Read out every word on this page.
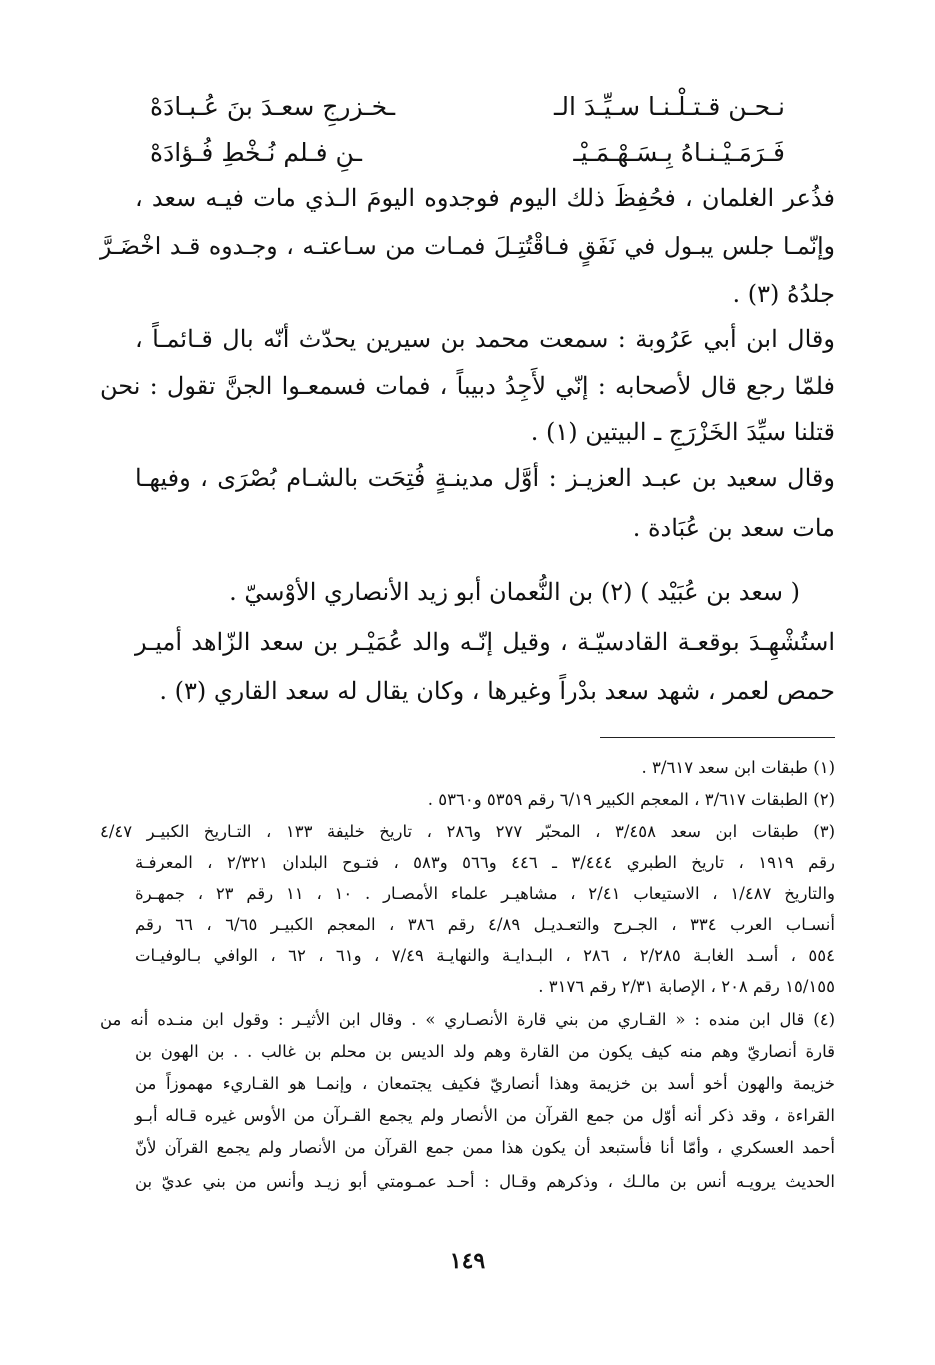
نـحـن قـتـلْـنـا سـيِّـدَ الـ
ـخـزرجِ سعـدَ بنَ عُـبـادَهْ
فَـرَمَـيْـنـاهُ بِـسَـهْـمَـيْـ
ـنِ فـلم نُـخْطِ فُـؤادَهْ
فذُعر الغلمان ، فحُفِظَ ذلك اليوم فوجدوه اليومَ الـذي مات فيـه سعد ،
وإنّمـا جلس يبـول في نَفَقٍ فـاقْتُتِـلَ فمـات من سـاعتـه ، وجـدوه قـد اخْضَـرَّ
جلدُهُ (٣) .
وقال ابن أبي عَرُوبة : سمعت محمد بن سيرين يحدّث أنّه بال قـائمـاً ،
فلمّا رجع قال لأصحابه : إنّي لأَجِدُ دبيباً ، فمات فسمعـوا الجنَّ تقول : نحن
قتلنا سيِّدَ الخَزْرَجِ ـ البيتين (١) .
وقال سعيد بن عبـد العزيـز : أوَّل مدينـةٍ فُتِحَت بالشـام بُصْرَى ، وفيهـا
مات سعد بن عُبَادة .
( سعد بن عُبَيْد ) (٢) بن النُّعمان أبو زيد الأنصاري الأوْسيّ .
استُشْهِـدَ بوقعـة القادسيّـة ، وقيل إنّـه والد عُمَيْـر بن سعد الزّاهد أميـر
حمص لعمر ، شهد سعد بدْراً وغيرها ، وكان يقال له سعد القاري (٣) .
(١) طبقات ابن سعد ٣/٦١٧ .
(٢) الطبقات ٣/٦١٧ ، المعجم الكبير ٦/١٩ رقم ٥٣٥٩ و٥٣٦٠ .
(٣) طبقات ابن سعد ٣/٤٥٨ ، المحبّر ٢٧٧ و٢٨٦ ، تاريخ خليفة ١٣٣ ، التـاريخ الكبيـر ٤/٤٧
رقم ١٩١٩ ، تاريخ الطبري ٣/٤٤٤ ـ ٤٤٦ و٥٦٦ و٥٨٣ ، فتـوح البلدان ٢/٣٢١ ، المعرفـة
والتاريخ ١/٤٨٧ ، الاستيعاب ٢/٤١ ، مشاهيـر علماء الأمصـار . ١٠ ، ١١ رقم ٢٣ ، جمهـرة
أنسـاب العرب ٣٣٤ ، الجـرح والتعـديـل ٤/٨٩ رقم ٣٨٦ ، المعجم الكبيـر ٦/٦٥ ، ٦٦ رقم
٥٥٤ ، أسـد الغابـة ٢/٢٨٥ ، ٢٨٦ ، البـدايـة والنهايـة ٧/٤٩ ، و٦١ ، ٦٢ ، الوافي بـالوفيـات
١٥/١٥٥ رقم ٢٠٨ ، الإصابة ٢/٣١ رقم ٣١٧٦ .
(٤) قال ابن منده : « القـاري من بني قارة الأنصـاري » . وقال ابن الأثيـر : وقول ابن منـده أنه من
قارة أنصاريّ وهم منه كيف يكون من القارة وهم ولد الديس بن محلم بن غالب . . بن الهون بن
خزيمة والهون أخو أسد بن خزيمة وهذا أنصاريّ فكيف يجتمعان ، وإنمـا هو القـاريء مهموزاً من
القراءة ، وقد ذكر أنه أوّل من جمع القرآن من الأنصار ولم يجمع القـرآن من الأوس غيره قـاله أبـو
أحمد العسكري ، وأمّا أنا فأستبعد أن يكون هذا ممن جمع القرآن من الأنصار ولم يجمع القرآن لأنّ
الحديث يرويـه أنس بن مالـك ، وذكرهم وقـال : أحـد عمـومتي أبو زيـد وأنس من بني عديّ بن
١٤٩
